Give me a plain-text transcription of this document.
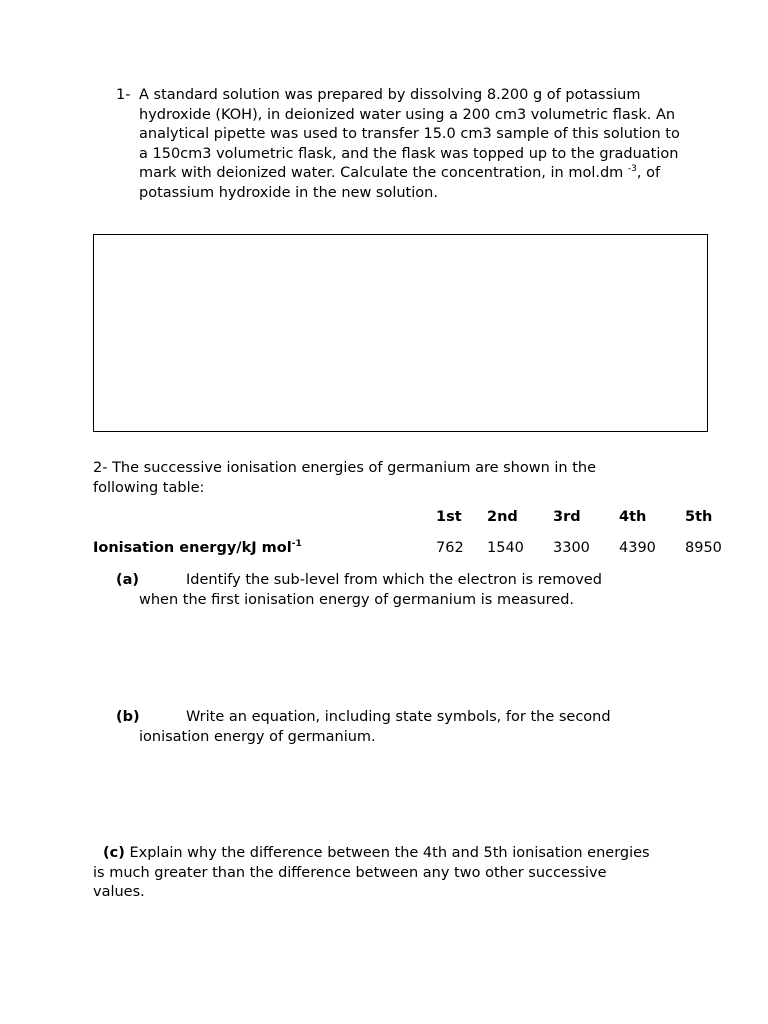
1- A standard solution was prepared by dissolving 8.200 g of potassium hydroxide (KOH), in deionized water using a 200 cm3 volumetric flask. An analytical pipette was used to transfer 15.0 cm3 sample of this solution to a 150cm3 volumetric flask, and the flask was topped up to the graduation mark with deionized water. Calculate the concentration, in mol.dm $^{-3}$, of potassium hydroxide in the new solution.
2- The successive ionisation energies of germanium are shown in the following table:
	1st	2nd	3rd	4th	5th
Ionisation energy/kJ mol$^{-1}$	762	1540	3300	4390	8950
(a)	Identify the sub-level from which the electron is removed
when the first ionisation energy of germanium is measured.
(b)	Write an equation, including state symbols, for the second
ionisation energy of germanium.
(c) Explain why the difference between the 4th and 5th ionisation energies is much greater than the difference between any two other successive values.
